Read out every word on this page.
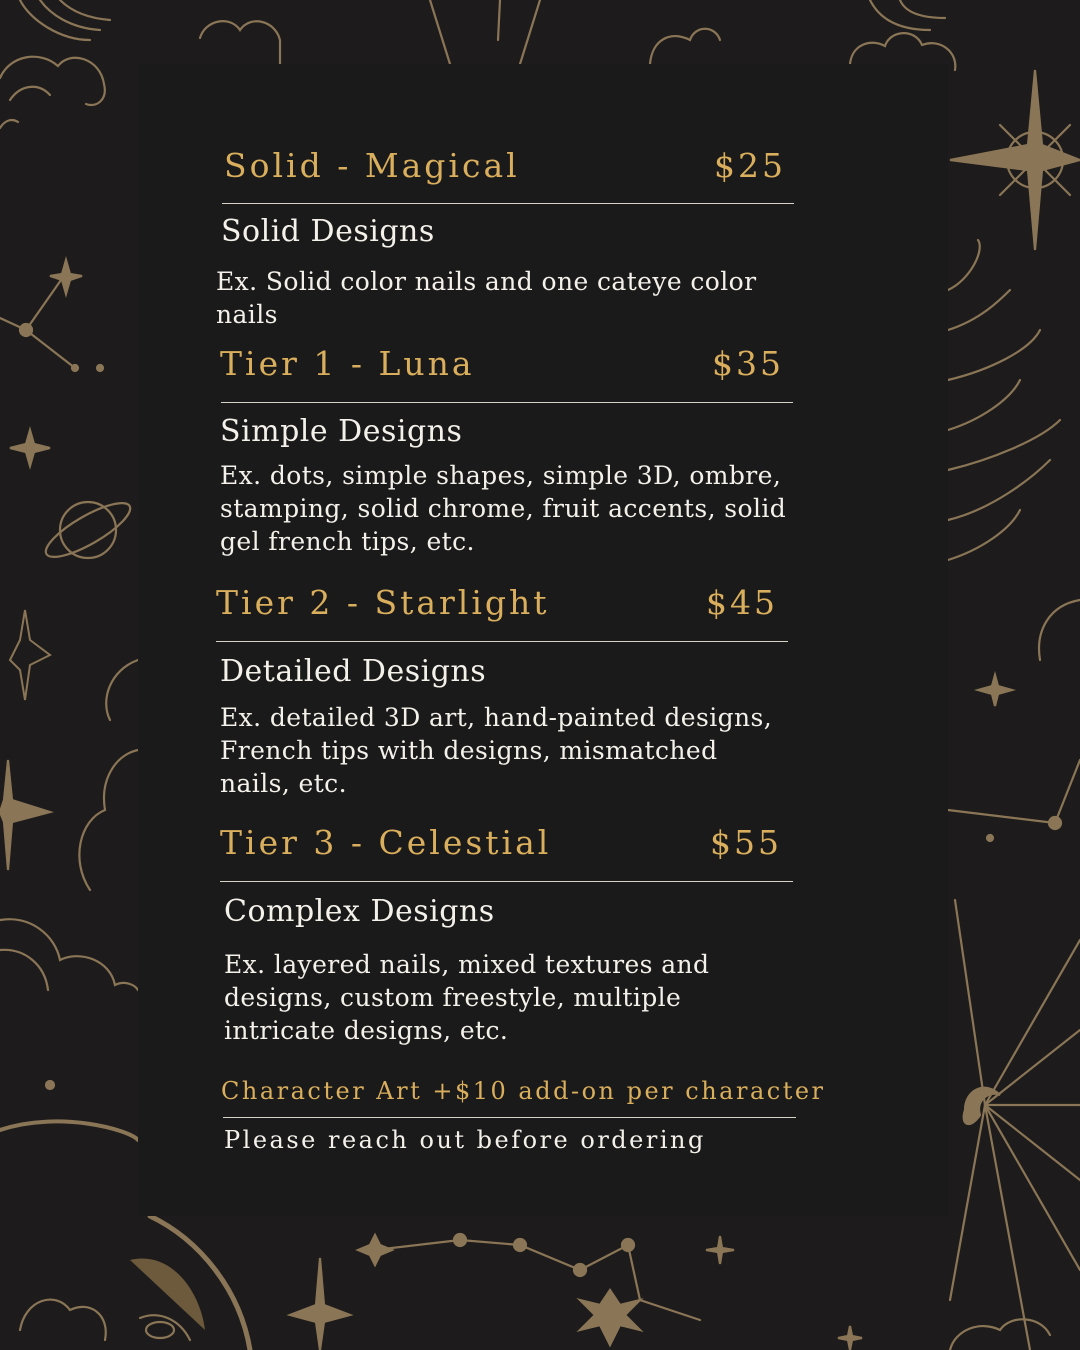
Solid - Magical	$25
Solid Designs
Ex. Solid color nails and one cateye color nails
Tier 1 - Luna	$35
Simple Designs
Ex. dots, simple shapes, simple 3D, ombre, stamping, solid chrome, fruit accents, solid gel french tips, etc.
Tier 2 - Starlight	$45
Detailed Designs
Ex. detailed 3D art, hand-painted designs, French tips with designs, mismatched nails, etc.
Tier 3 - Celestial	$55
Complex Designs
Ex. layered nails, mixed textures and designs, custom freestyle, multiple intricate designs, etc.
Character Art +$10 add-on per character
Please reach out before ordering
